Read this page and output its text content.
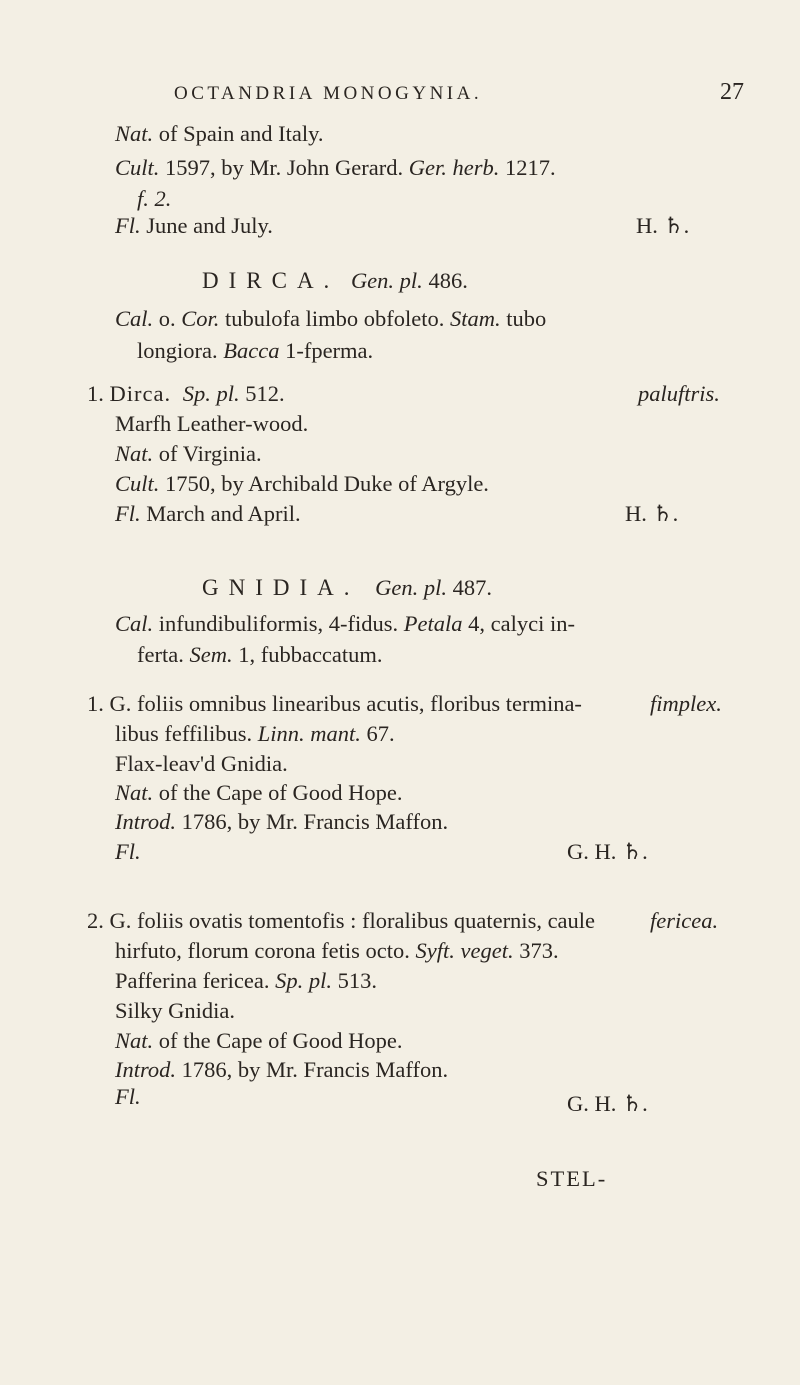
OCTANDRIA MONOGYNIA.	27
Nat. of Spain and Italy.
Cult. 1597, by Mr. John Gerard. Ger. herb. 1217.
f. 2.
Fl. June and July.	H. ♄.
DIRCA. Gen. pl. 486.
Cal. o. Cor. tubulofa limbo obfoleto. Stam. tubo
longiora. Bacca 1-fperma.
1. Dirca. Sp. pl. 512.	paluftris.
Marfh Leather-wood.
Nat. of Virginia.
Cult. 1750, by Archibald Duke of Argyle.
Fl. March and April.	H. ♄.
GNIDIA. Gen. pl. 487.
Cal. infundibuliformis, 4-fidus. Petala 4, calyci in-
ferta. Sem. 1, fubbaccatum.
1. G. foliis omnibus linearibus acutis, floribus termina-	fimplex.
libus feffilibus. Linn. mant. 67.
Flax-leav'd Gnidia.
Nat. of the Cape of Good Hope.
Introd. 1786, by Mr. Francis Maffon.
Fl.	G. H. ♄.
2. G. foliis ovatis tomentofis : floralibus quaternis, caule fericea.
hirfuto, florum corona fetis octo. Syft. veget. 373.
Pafferina fericea. Sp. pl. 513.
Silky Gnidia.
Nat. of the Cape of Good Hope.
Introd. 1786, by Mr. Francis Maffon.
Fl.	G. H. ♄.
STEL-
